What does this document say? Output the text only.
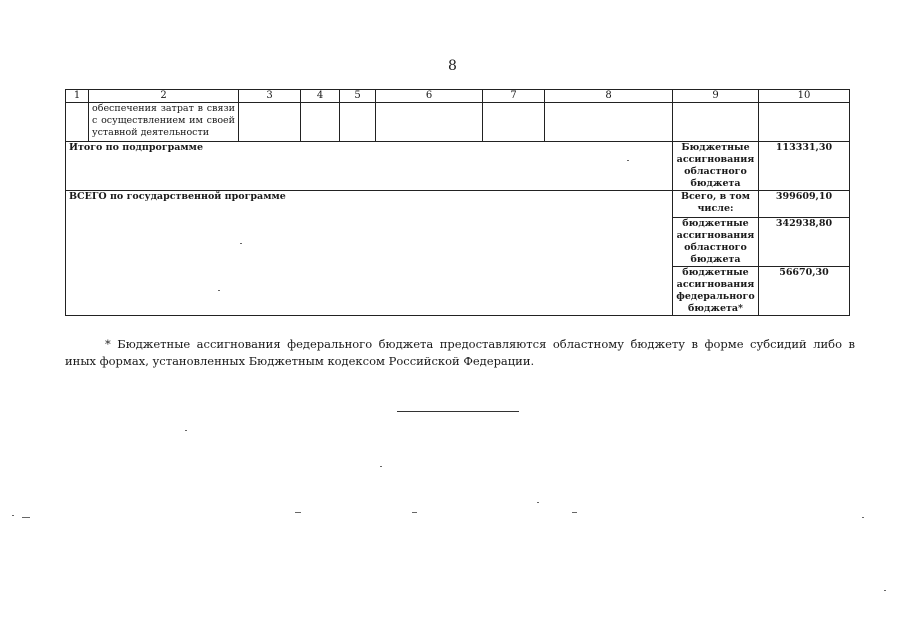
8
1	2	3	4	5	6	7	8	9	10
	обеспечения затрат в связи с осуществлением им своей уставной деятельности								
Итого по подпрограмме								Бюджетные ассигнования областного бюджета	113331,30
ВСЕГО по государственной программе								Всего, в том числе:	399609,10
								бюджетные ассигнования областного бюджета	342938,80
								бюджетные ассигнования федерального бюджета*	56670,30
* Бюджетные ассигнования федерального бюджета предоставляются областному бюджету в форме субсидий либо в иных формах, установленных Бюджетным кодексом Российской Федерации.
